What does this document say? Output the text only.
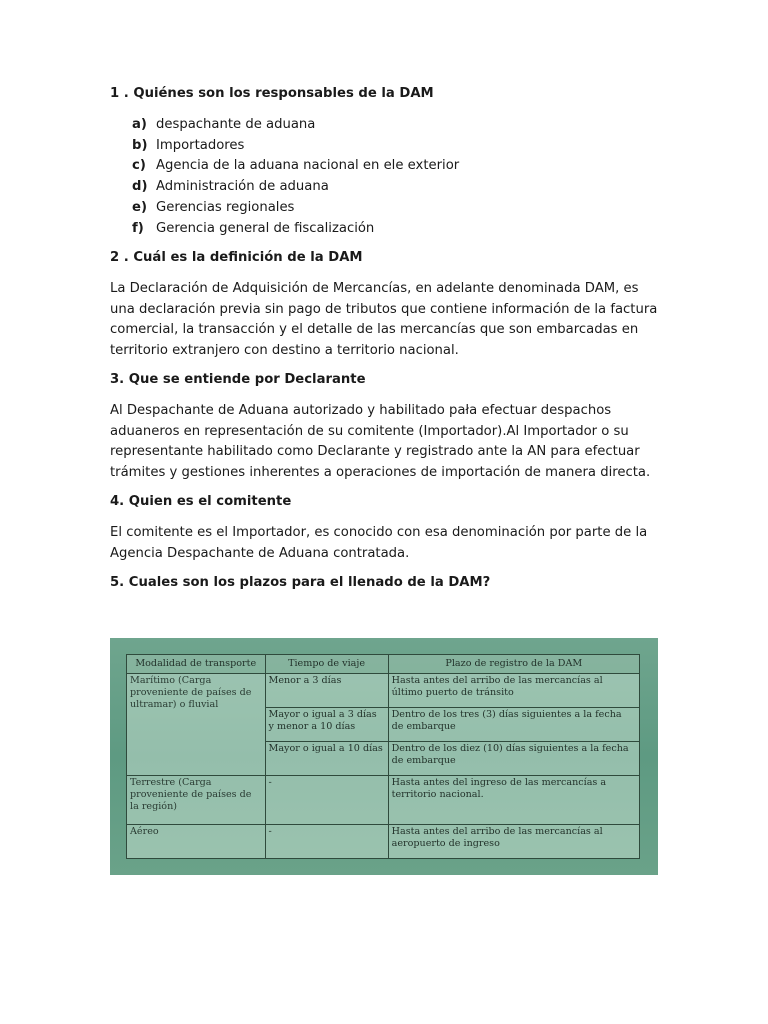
1 . Quiénes son los responsables de la DAM
a) despachante de aduana
b) Importadores
c) Agencia de la aduana nacional en ele exterior
d) Administración de aduana
e) Gerencias regionales
f) Gerencia general de fiscalización
2 . Cuál es la definición de la DAM
La Declaración de Adquisición de Mercancías, en adelante denominada DAM, es una declaración previa sin pago de tributos que contiene información de la factura comercial, la transacción y el detalle de las mercancías que son embarcadas en territorio extranjero con destino a territorio nacional.
3. Que se entiende por Declarante
Al Despachante de Aduana autorizado y habilitado pała efectuar despachos aduaneros en representación de su comitente (Importador).Al Importador o su representante habilitado como Declarante y registrado ante la AN para efectuar trámites y gestiones inherentes a operaciones de importación de manera directa.
4. Quien es el comitente
El comitente es el Importador, es conocido con esa denominación por parte de la Agencia Despachante de Aduana contratada.
5. Cuales son los plazos para el llenado de la DAM?
Modalidad de transporte	Tiempo de viaje	Plazo de registro de la DAM
Marítimo (Carga proveniente de países de ultramar) o fluvial	Menor a 3 días	Hasta antes del arribo de las mercancías al último puerto de tránsito
	Mayor o igual a 3 días y menor a 10 días	Dentro de los tres (3) días siguientes a la fecha de embarque
	Mayor o igual a 10 días	Dentro de los diez (10) días siguientes a la fecha de embarque
Terrestre (Carga proveniente de países de la región)	-	Hasta antes del ingreso de las mercancías a territorio nacional.
Aéreo	-	Hasta antes del arribo de las mercancías al aeropuerto de ingreso
